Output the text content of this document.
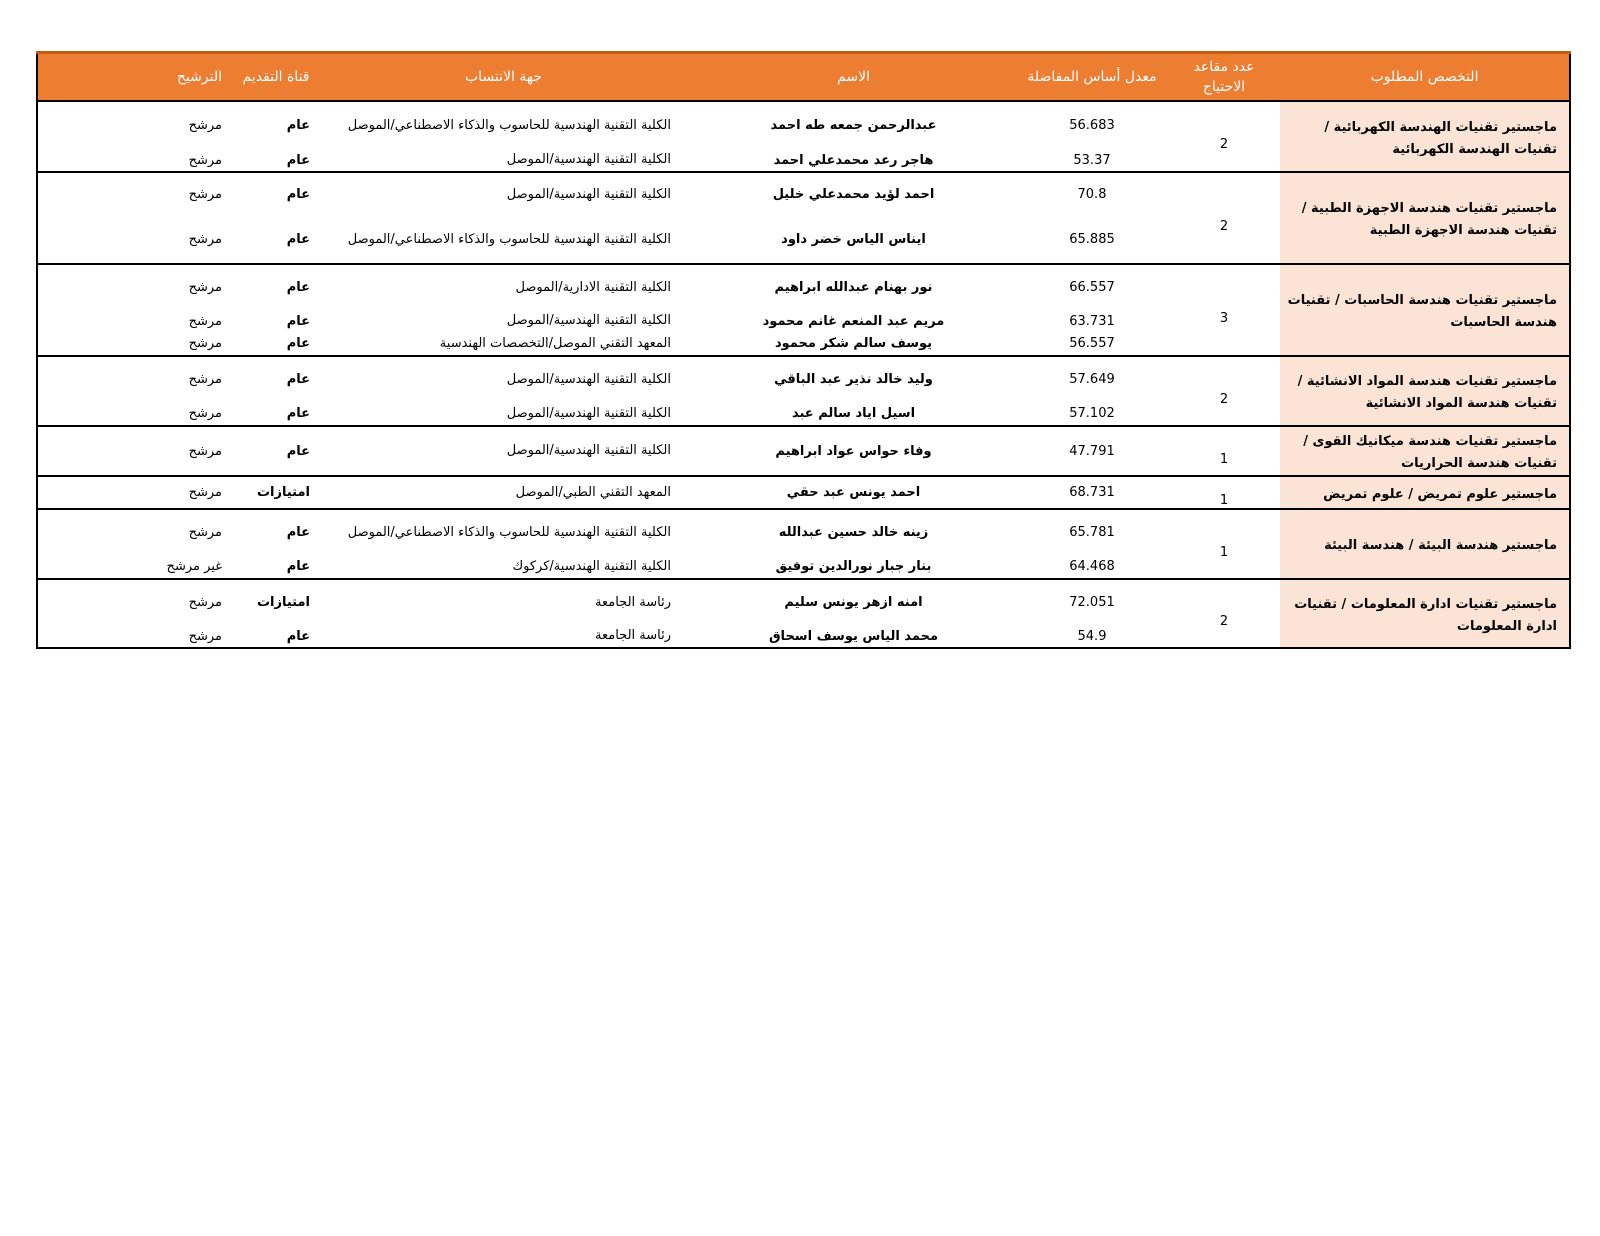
التخصص المطلوب	عدد مقاعد الاحتياج	معدل أساس المفاضلة	الاسم	جهة الانتساب	قناة التقديم	الترشيح
ماجستير تقنيات الهندسة الكهربائية / تقنيات الهندسة الكهربائية	2	56.683	عبدالرحمن جمعه طه احمد	الكلية التقنية الهندسية للحاسوب والذكاء الاصطناعي/الموصل	عام	مرشح
		53.37	هاجر رعد محمدعلي احمد	الكلية التقنية الهندسية/الموصل	عام	مرشح
ماجستير تقنيات هندسة الاجهزة الطبية / تقنيات هندسة الاجهزة الطبية	2	70.8	احمد لؤيد محمدعلي خليل	الكلية التقنية الهندسية/الموصل	عام	مرشح
		65.885	ايناس الياس خضر داود	الكلية التقنية الهندسية للحاسوب والذكاء الاصطناعي/الموصل	عام	مرشح
ماجستير تقنيات هندسة الحاسبات / تقنيات هندسة الحاسبات	3	66.557	نور بهنام عبدالله ابراهيم	الكلية التقنية الادارية/الموصل	عام	مرشح
		63.731	مريم عبد المنعم غانم محمود	الكلية التقنية الهندسية/الموصل	عام	مرشح
		56.557	يوسف سالم شكر محمود	المعهد التقني الموصل/التخصصات الهندسية	عام	مرشح
ماجستير تقنيات هندسة المواد الانشائية / تقنيات هندسة المواد الانشائية	2	57.649	وليد خالد نذير عبد الباقي	الكلية التقنية الهندسية/الموصل	عام	مرشح
		57.102	اسيل اياد سالم عبد	الكلية التقنية الهندسية/الموصل	عام	مرشح
ماجستير تقنيات هندسة ميكانيك القوى / تقنيات هندسة الحراريات	1	47.791	وفاء حواس عواد ابراهيم	الكلية التقنية الهندسية/الموصل	عام	مرشح
ماجستير علوم تمريض / علوم تمريض	1	68.731	احمد يونس عبد حقي	المعهد التقني الطبي/الموصل	امتيازات	مرشح
ماجستير هندسة البيئة / هندسة البيئة	1	65.781	زينه خالد حسين عبدالله	الكلية التقنية الهندسية للحاسوب والذكاء الاصطناعي/الموصل	عام	مرشح
		64.468	بنار جبار نورالدين توفيق	الكلية التقنية الهندسية/كركوك	عام	غير مرشح
ماجستير تقنيات ادارة المعلومات / تقنيات ادارة المعلومات	2	72.051	امنه ازهر يونس سليم	رئاسة الجامعة	امتيازات	مرشح
		54.9	محمد الياس يوسف اسحاق	رئاسة الجامعة	عام	مرشح
